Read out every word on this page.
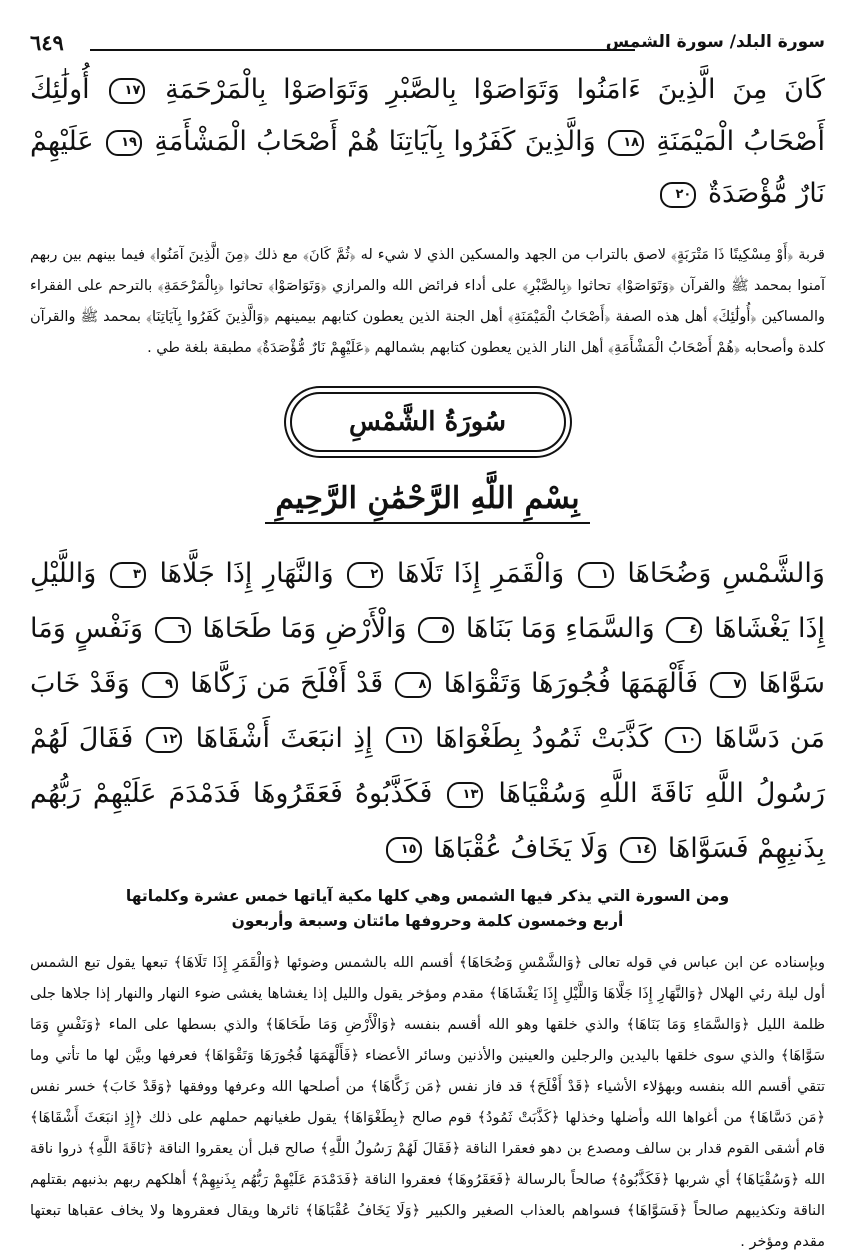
٦٤٩	سورة البلد/ سورة الشمس

كَانَ مِنَ الَّذِينَ ءَامَنُوا وَتَوَاصَوْا بِالصَّبْرِ وَتَوَاصَوْا بِالْمَرْحَمَةِ ١٧ أُولَٰئِكَ أَصْحَابُ الْمَيْمَنَةِ ١٨ وَالَّذِينَ كَفَرُوا بِآيَاتِنَا هُمْ أَصْحَابُ الْمَشْأَمَةِ ١٩ عَلَيْهِمْ نَارٌ مُّؤْصَدَةٌ ٢٠

قربة ﴿أَوْ مِسْكِينًا ذَا مَتْرَبَةٍ﴾ لاصق بالتراب من الجهد والمسكين الذي لا شيء له ﴿ثُمَّ كَانَ﴾ مع ذلك ﴿مِنَ الَّذِينَ آمَنُوا﴾ فيما بينهم بين ربهم آمنوا بمحمد ﷺ والقرآن ﴿وَتَوَاصَوْا﴾ تحاثوا ﴿بِالصَّبْرِ﴾ على أداء فرائض الله والمرازي ﴿وَتَوَاصَوْا﴾ تحاثوا ﴿بِالْمَرْحَمَةِ﴾ بالترحم على الفقراء والمساكين ﴿أُولَٰئِكَ﴾ أهل هذه الصفة ﴿أَصْحَابُ الْمَيْمَنَةِ﴾ أهل الجنة الذين يعطون كتابهم بيمينهم ﴿وَالَّذِينَ كَفَرُوا بِآيَاتِنَا﴾ بمحمد ﷺ والقرآن كلدة وأصحابه ﴿هُمْ أَصْحَابُ الْمَشْأَمَةِ﴾ أهل النار الذين يعطون كتابهم بشمالهم ﴿عَلَيْهِمْ نَارٌ مُّؤْصَدَةٌ﴾ مطبقة بلغة طي .

سُورَةُ الشَّمْسِ
بِسْمِ اللَّهِ الرَّحْمَٰنِ الرَّحِيمِ

وَالشَّمْسِ وَضُحَاهَا ١ وَالْقَمَرِ إِذَا تَلَاهَا ٢ وَالنَّهَارِ إِذَا جَلَّاهَا ٣ وَاللَّيْلِ إِذَا يَغْشَاهَا ٤ وَالسَّمَاءِ وَمَا بَنَاهَا ٥ وَالْأَرْضِ وَمَا طَحَاهَا ٦ وَنَفْسٍ وَمَا سَوَّاهَا ٧ فَأَلْهَمَهَا فُجُورَهَا وَتَقْوَاهَا ٨ قَدْ أَفْلَحَ مَن زَكَّاهَا ٩ وَقَدْ خَابَ مَن دَسَّاهَا ١٠ كَذَّبَتْ ثَمُودُ بِطَغْوَاهَا ١١ إِذِ انبَعَثَ أَشْقَاهَا ١٢ فَقَالَ لَهُمْ رَسُولُ اللَّهِ نَاقَةَ اللَّهِ وَسُقْيَاهَا ١٣ فَكَذَّبُوهُ فَعَقَرُوهَا فَدَمْدَمَ عَلَيْهِمْ رَبُّهُم بِذَنبِهِمْ فَسَوَّاهَا ١٤ وَلَا يَخَافُ عُقْبَاهَا ١٥

ومن السورة التي يذكر فيها الشمس وهي كلها مكية آياتها خمس عشرة وكلماتها
أربع وخمسون كلمة وحروفها مائتان وسبعة وأربعون

وبإسناده عن ابن عباس في قوله تعالى ﴿وَالشَّمْسِ وَضُحَاهَا﴾ أقسم الله بالشمس وضوئها ﴿وَالْقَمَرِ إِذَا تَلَاهَا﴾ تبعها يقول تبع الشمس أول ليلة رئي الهلال ﴿وَالنَّهَارِ إِذَا جَلَّاهَا وَاللَّيْلِ إِذَا يَغْشَاهَا﴾ مقدم ومؤخر يقول والليل إذا يغشاها يغشى ضوء النهار والنهار إذا جلاها جلى ظلمة الليل ﴿وَالسَّمَاءِ وَمَا بَنَاهَا﴾ والذي خلقها وهو الله أقسم بنفسه ﴿وَالْأَرْضِ وَمَا طَحَاهَا﴾ والذي بسطها على الماء ﴿وَنَفْسٍ وَمَا سَوَّاهَا﴾ والذي سوى خلقها باليدين والرجلين والعينين والأذنين وسائر الأعضاء ﴿فَأَلْهَمَهَا فُجُورَهَا وَتَقْوَاهَا﴾ فعرفها وبيَّن لها ما تأتي وما تتقي أقسم الله بنفسه وبهؤلاء الأشياء ﴿قَدْ أَفْلَحَ﴾ قد فاز نفس ﴿مَن زَكَّاهَا﴾ من أصلحها الله وعرفها ووفقها ﴿وَقَدْ خَابَ﴾ خسر نفس ﴿مَن دَسَّاهَا﴾ من أغواها الله وأضلها وخذلها ﴿كَذَّبَتْ ثَمُودُ﴾ قوم صالح ﴿بِطَغْوَاهَا﴾ يقول طغيانهم حملهم على ذلك ﴿إِذِ انبَعَثَ أَشْقَاهَا﴾ قام أشقى القوم قدار بن سالف ومصدع بن دهو فعقرا الناقة ﴿فَقَالَ لَهُمْ رَسُولُ اللَّهِ﴾ صالح قبل أن يعقروا الناقة ﴿نَاقَةَ اللَّهِ﴾ ذروا ناقة الله ﴿وَسُقْيَاهَا﴾ أي شربها ﴿فَكَذَّبُوهُ﴾ صالحاً بالرسالة ﴿فَعَقَرُوهَا﴾ فعقروا الناقة ﴿فَدَمْدَمَ عَلَيْهِمْ رَبُّهُم بِذَنبِهِمْ﴾ أهلكهم ربهم بذنبهم بقتلهم الناقة وتكذيبهم صالحاً ﴿فَسَوَّاهَا﴾ فسواهم بالعذاب الصغير والكبير ﴿وَلَا يَخَافُ عُقْبَاهَا﴾ ثائرها ويقال فعقروها ولا يخاف عقباها تبعتها مقدم ومؤخر .
